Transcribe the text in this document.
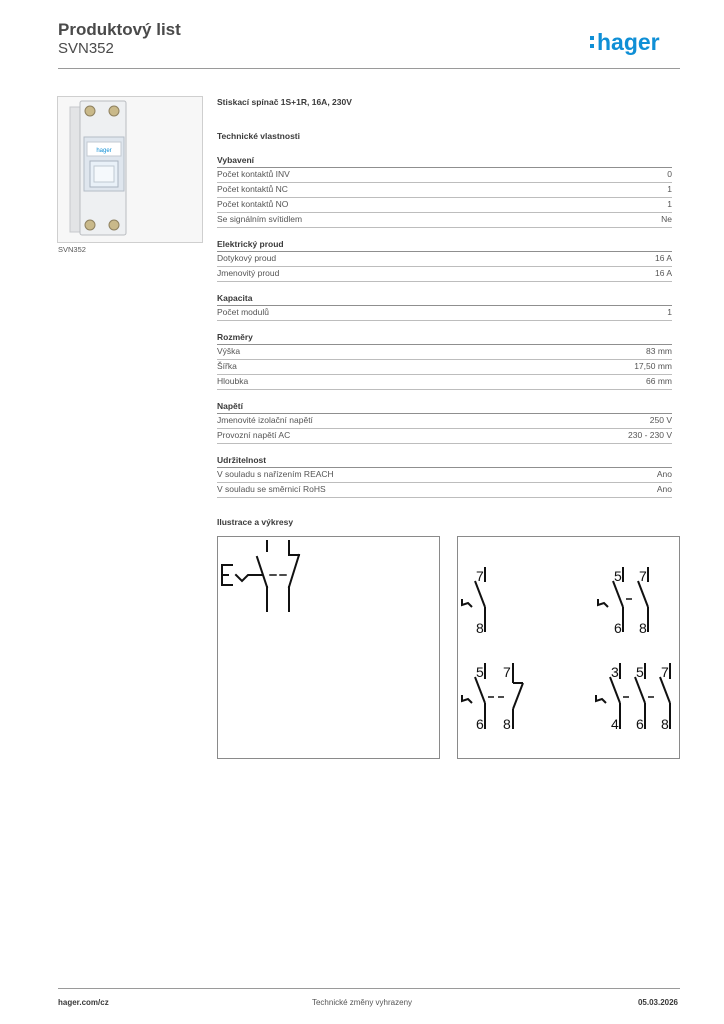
Produktový list
SVN352	hager
hager
SVN352
Stiskací spínač 1S+1R, 16A, 230V
Technické vlastnosti
Vybavení
Počet kontaktů INV	0
Počet kontaktů NC	1
Počet kontaktů NO	1
Se signálním svítidlem	Ne
Elektrický proud
Dotykový proud	16 A
Jmenovitý proud	16 A
Kapacita
Počet modulů	1
Rozměry
Výška	83 mm
Šířka	17,50 mm
Hloubka	66 mm
Napětí
Jmenovité izolační napětí	250 V
Provozní napětí AC	230 - 230 V
Udržitelnost
V souladu s nařízením REACH	Ano
V souladu se směrnicí RoHS	Ano
Ilustrace a výkresy
7
8
5 7
6 8
5 7
6 8
3 5 7
4 6 8
hager.com/cz	Technické změny vyhrazeny	05.03.2026
